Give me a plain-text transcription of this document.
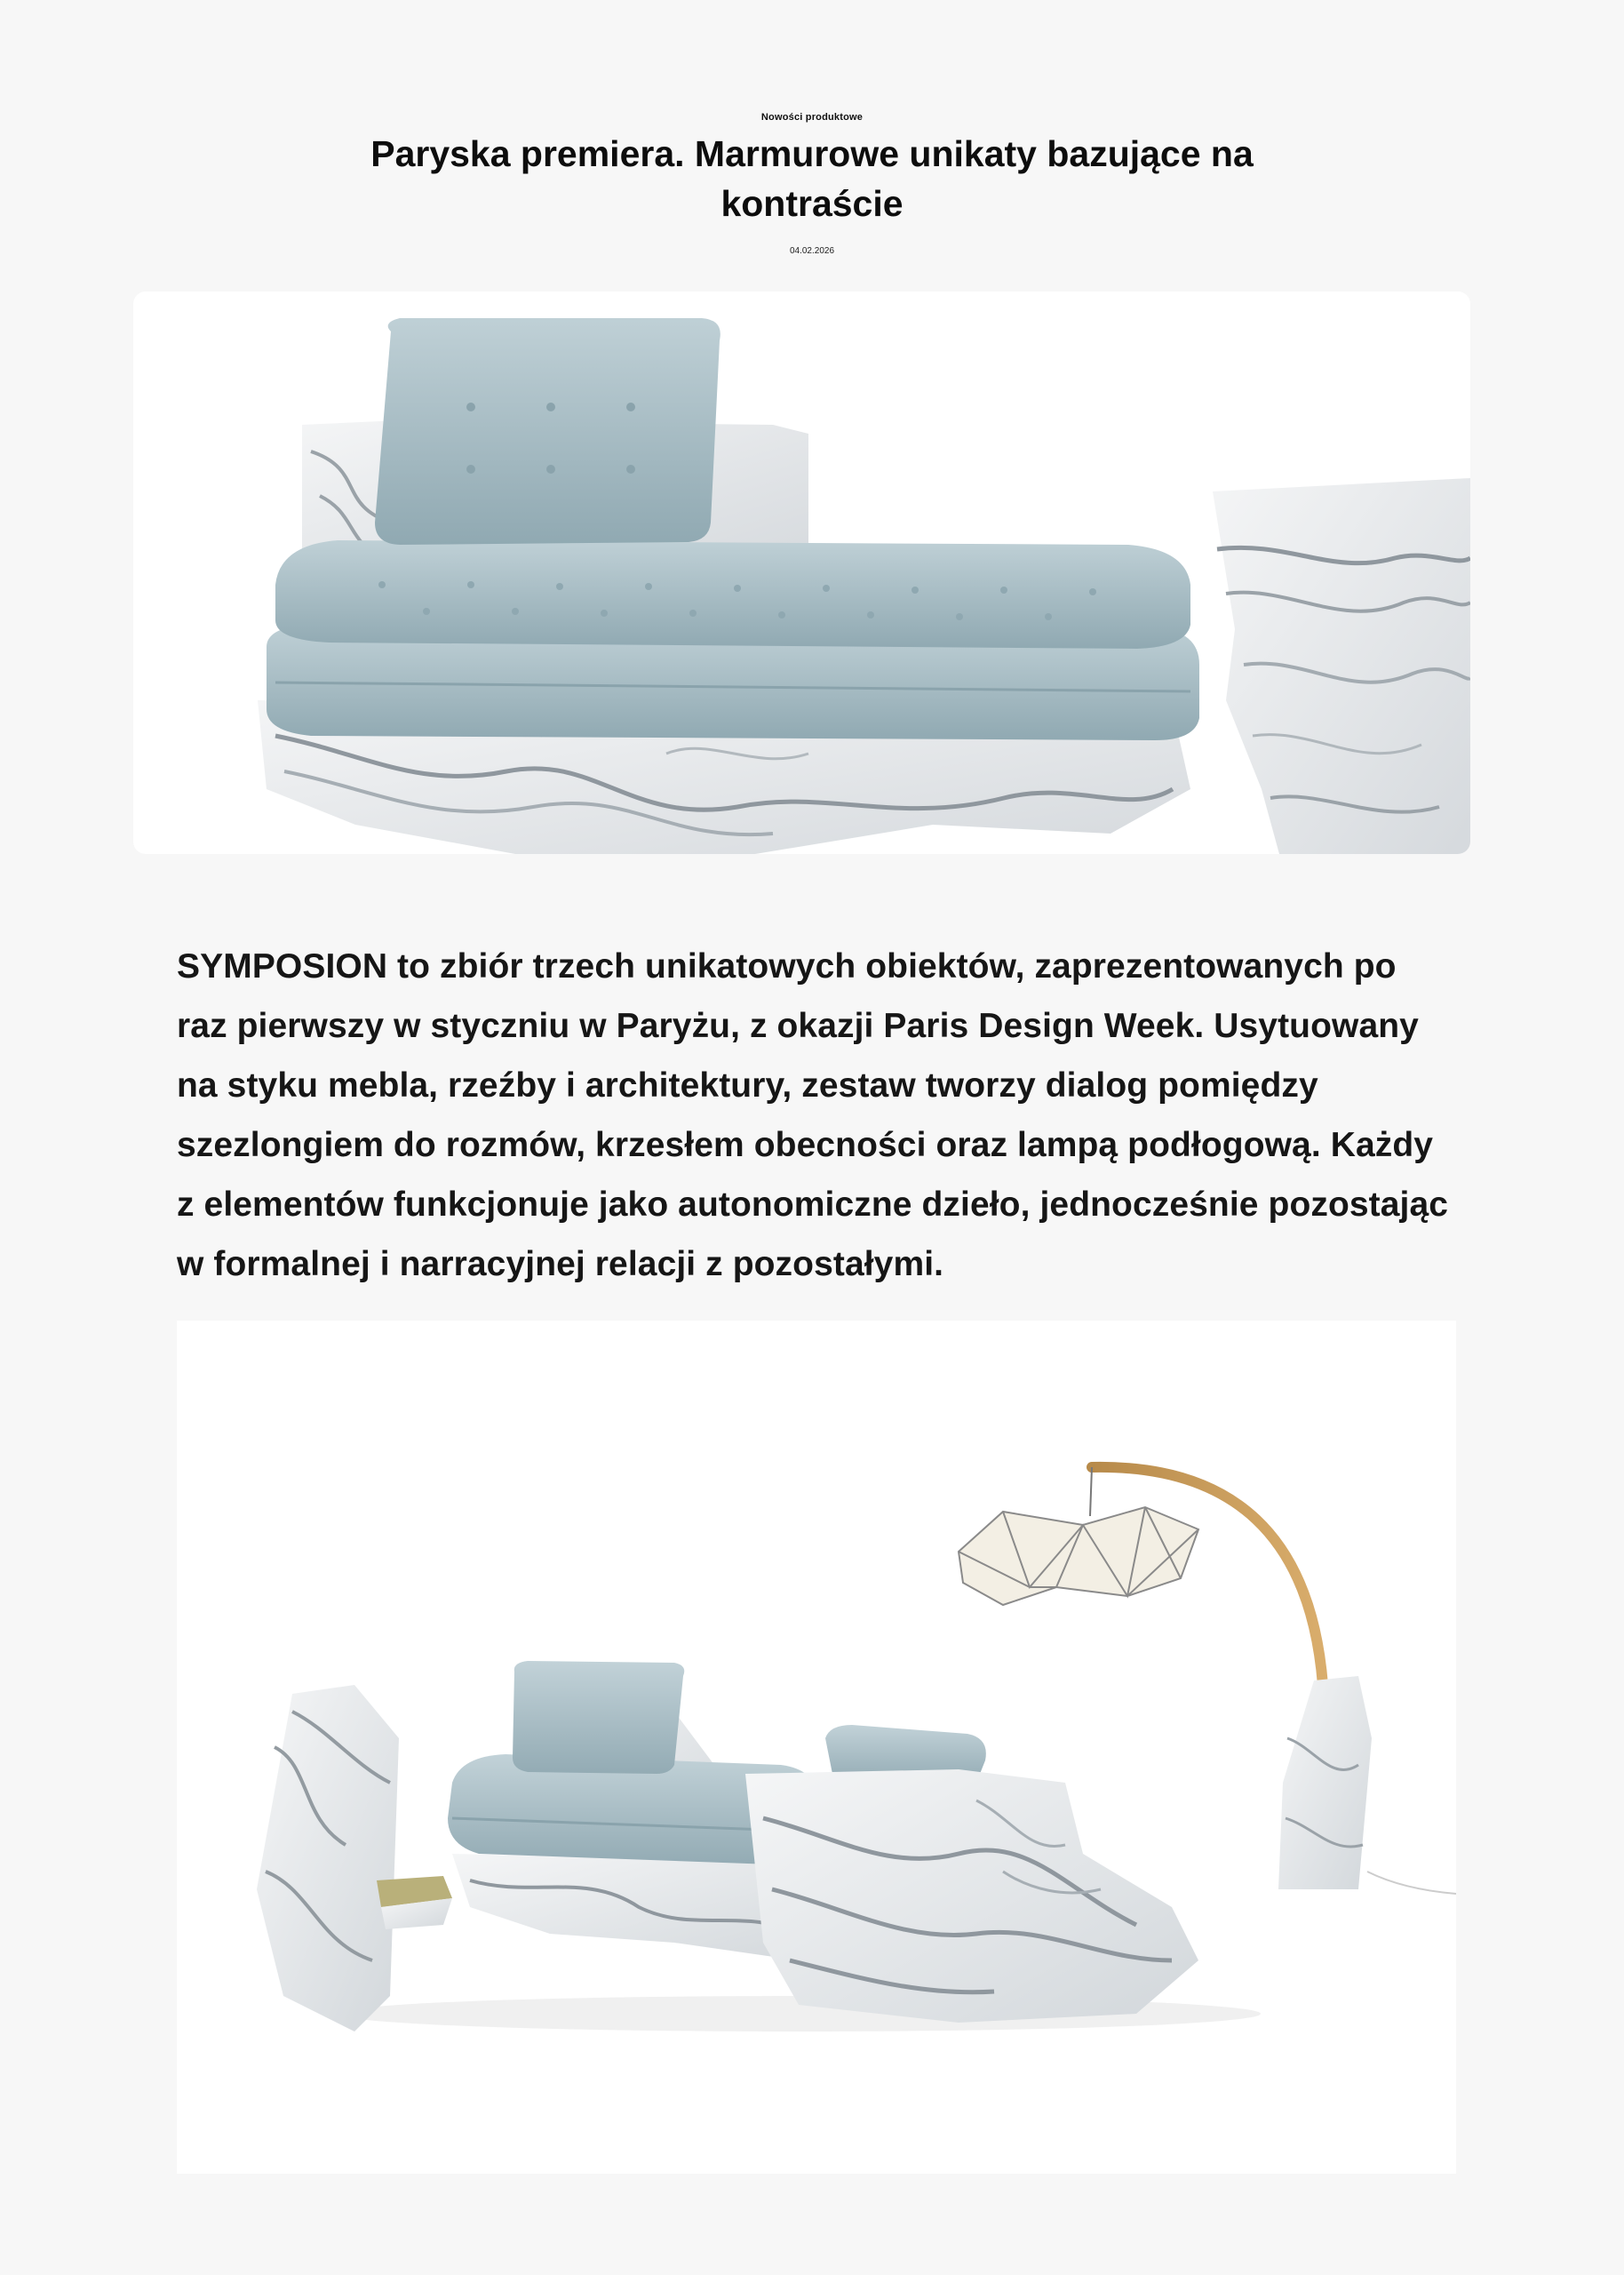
Nowości produktowe
Paryska premiera. Marmurowe unikaty bazujące na kontraście
04.02.2026

SYMPOSION to zbiór trzech unikatowych obiektów, zaprezentowanych po raz pierwszy w styczniu w Paryżu, z okazji Paris Design Week. Usytuowany na styku mebla, rzeźby i architektury, zestaw tworzy dialog pomiędzy szezlongiem do rozmów, krzesłem obecności oraz lampą podłogową. Każdy z elementów funkcjonuje jako autonomiczne dzieło, jednocześnie pozostając w formalnej i narracyjnej relacji z pozostałymi.
